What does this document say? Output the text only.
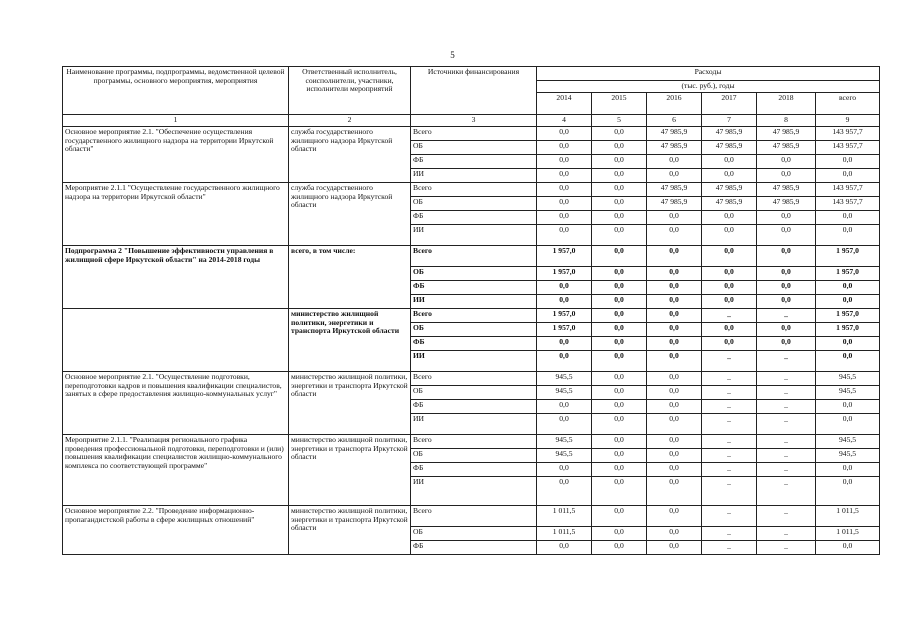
5
Наименование программы, подпрограммы, ведомственной целевой программы, основного мероприятия, мероприятия	Ответственный исполнитель, соисполнители, участники, исполнители мероприятий	Источники финансирования	Расходы					
			(тыс. руб.), годы					
			2014	2015	2016	2017	2018	всего
1	2	3	4	5	6	7	8	9
Основное мероприятие 2.1. "Обеспечение осуществления государственного жилищного надзора на территории Иркутской области"	служба государственного жилищного надзора Иркутской области	Всего	0,0	0,0	47 985,9	47 985,9	47 985,9	143 957,7
		ОБ	0,0	0,0	47 985,9	47 985,9	47 985,9	143 957,7
		ФБ	0,0	0,0	0,0	0,0	0,0	0,0
		ИИ	0,0	0,0	0,0	0,0	0,0	0,0
Мероприятие 2.1.1 "Осуществление государственного жилищного надзора на территории Иркутской области"	служба государственного жилищного надзора Иркутской области	Всего	0,0	0,0	47 985,9	47 985,9	47 985,9	143 957,7
		ОБ	0,0	0,0	47 985,9	47 985,9	47 985,9	143 957,7
		ФБ	0,0	0,0	0,0	0,0	0,0	0,0
		ИИ	0,0	0,0	0,0	0,0	0,0	0,0
Подпрограмма 2 "Повышение эффективности управления в жилищной сфере Иркутской области" на 2014-2018 годы	всего, в том числе:	Всего	1 957,0	0,0	0,0	0,0	0,0	1 957,0
		ОБ	1 957,0	0,0	0,0	0,0	0,0	1 957,0
		ФБ	0,0	0,0	0,0	0,0	0,0	0,0
		ИИ	0,0	0,0	0,0	0,0	0,0	0,0
	министерство жилищной политики, энергетики и транспорта Иркутской области	Всего	1 957,0	0,0	0,0	_	_	1 957,0
		ОБ	1 957,0	0,0	0,0	0,0	0,0	1 957,0
		ФБ	0,0	0,0	0,0	0,0	0,0	0,0
		ИИ	0,0	0,0	0,0	_	_	0,0
Основное мероприятие 2.1. "Осуществление подготовки, переподготовки кадров и повышения квалификации специалистов, занятых в сфере предоставления жилищно-коммунальных услуг"	министерство жилищной политики, энергетики и транспорта Иркутской области	Всего	945,5	0,0	0,0	_	_	945,5
		ОБ	945,5	0,0	0,0	_	_	945,5
		ФБ	0,0	0,0	0,0	_	_	0,0
		ИИ	0,0	0,0	0,0	_	_	0,0
Мероприятие 2.1.1. "Реализация регионального графика проведения профессиональной подготовки, переподготовки и (или) повышения квалификации специалистов жилищно-коммунального комплекса по соответствующей программе"	министерство жилищной политики, энергетики и транспорта Иркутской области	Всего	945,5	0,0	0,0	_	_	945,5
		ОБ	945,5	0,0	0,0	_	_	945,5
		ФБ	0,0	0,0	0,0	_	_	0,0
		ИИ	0,0	0,0	0,0	_	_	0,0
Основное мероприятие 2.2. "Проведение информационно-пропагандистской работы в сфере жилищных отношений"	министерство жилищной политики, энергетики и транспорта Иркутской области	Всего	1 011,5	0,0	0,0	_	_	1 011,5
		ОБ	1 011,5	0,0	0,0	_	_	1 011,5
		ФБ	0,0	0,0	0,0	_	_	0,0
